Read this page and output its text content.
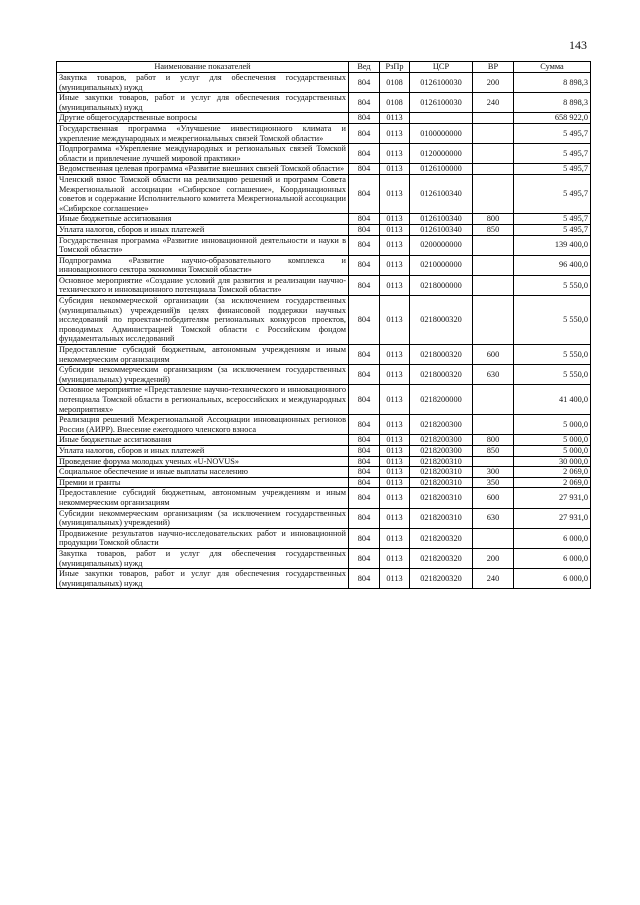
143
Наименование показателей	Вед	РзПр	ЦСР	ВР	Сумма
Закупка товаров, работ и услуг для обеспечения государственных (муниципальных) нужд	804	0108	0126100030	200	8 898,3
Иные закупки товаров, работ и услуг для обеспечения государственных (муниципальных) нужд	804	0108	0126100030	240	8 898,3
Другие общегосударственные вопросы	804	0113			658 922,0
Государственная программа «Улучшение инвестиционного климата и укрепление международных и межрегиональных связей Томской области»	804	0113	0100000000		5 495,7
Подпрограмма «Укрепление международных и региональных связей Томской области и привлечение лучшей мировой практики»	804	0113	0120000000		5 495,7
Ведомственная целевая программа «Развитие внешних связей Томской области»	804	0113	0126100000		5 495,7
Членский взнос Томской области на реализацию решений и программ Совета Межрегиональной ассоциации «Сибирское соглашение», Координационных советов и содержание Исполнительного комитета Межрегиональной ассоциации «Сибирское соглашение»	804	0113	0126100340		5 495,7
Иные бюджетные ассигнования	804	0113	0126100340	800	5 495,7
Уплата налогов, сборов и иных платежей	804	0113	0126100340	850	5 495,7
Государственная программа «Развитие инновационной деятельности и науки в Томской области»	804	0113	0200000000		139 400,0
Подпрограмма «Развитие научно-образовательного комплекса и инновационного сектора экономики Томской области»	804	0113	0210000000		96 400,0
Основное мероприятие «Создание условий для развития и реализации научно-технического и инновационного потенциала Томской области»	804	0113	0218000000		5 550,0
Субсидия некоммерческой организации (за исключением государственных (муниципальных) учреждений)в целях финансовой поддержки научных исследований по проектам-победителям региональных конкурсов проектов, проводимых Администрацией Томской области с Российским фондом фундаментальных исследований	804	0113	0218000320		5 550,0
Предоставление субсидий бюджетным, автономным учреждениям и иным некоммерческим организациям	804	0113	0218000320	600	5 550,0
Субсидии некоммерческим организациям (за исключением государственных (муниципальных) учреждений)	804	0113	0218000320	630	5 550,0
Основное мероприятие «Представление научно-технического и инновационного потенциала Томской области в региональных, всероссийских и международных мероприятиях»	804	0113	0218200000		41 400,0
Реализация решений Межрегиональной Ассоциации инновационных регионов России (АИРР). Внесение ежегодного членского взноса	804	0113	0218200300		5 000,0
Иные бюджетные ассигнования	804	0113	0218200300	800	5 000,0
Уплата налогов, сборов и иных платежей	804	0113	0218200300	850	5 000,0
Проведение форума молодых ученых «U-NOVUS»	804	0113	0218200310		30 000,0
Социальное обеспечение и иные выплаты населению	804	0113	0218200310	300	2 069,0
Премии и гранты	804	0113	0218200310	350	2 069,0
Предоставление субсидий бюджетным, автономным учреждениям и иным некоммерческим организациям	804	0113	0218200310	600	27 931,0
Субсидии некоммерческим организациям (за исключением государственных (муниципальных) учреждений)	804	0113	0218200310	630	27 931,0
Продвижение результатов научно-исследовательских работ и инновационной продукции Томской области	804	0113	0218200320		6 000,0
Закупка товаров, работ и услуг для обеспечения государственных (муниципальных) нужд	804	0113	0218200320	200	6 000,0
Иные закупки товаров, работ и услуг для обеспечения государственных (муниципальных) нужд	804	0113	0218200320	240	6 000,0
